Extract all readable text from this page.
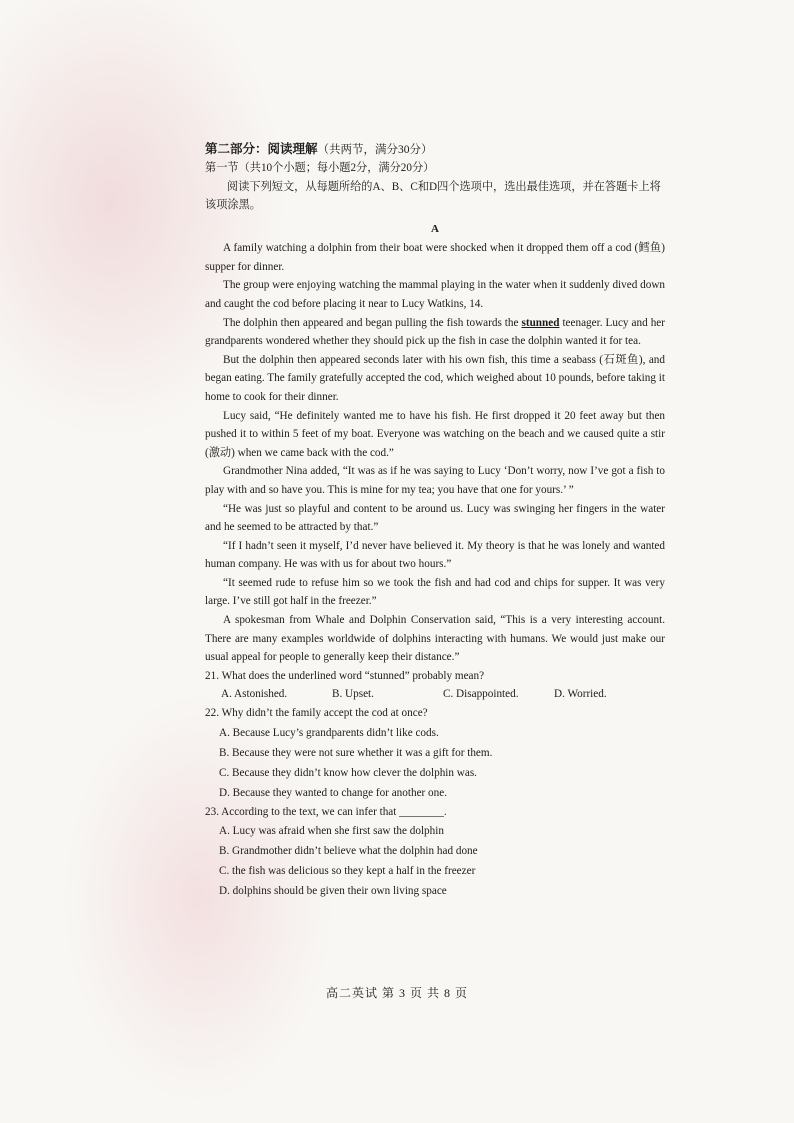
第二部分：阅读理解（共两节，满分30分）

第一节（共10个小题；每小题2分，满分20分）

阅读下列短文，从每题所给的A、B、C和D四个选项中，选出最佳选项，并在答题卡上将该项涂黑。

A

A family watching a dolphin from their boat were shocked when it dropped them off a cod (鳕鱼) supper for dinner.

The group were enjoying watching the mammal playing in the water when it suddenly dived down and caught the cod before placing it near to Lucy Watkins, 14.

The dolphin then appeared and began pulling the fish towards the stunned teenager. Lucy and her grandparents wondered whether they should pick up the fish in case the dolphin wanted it for tea.

But the dolphin then appeared seconds later with his own fish, this time a seabass (石斑鱼), and began eating. The family gratefully accepted the cod, which weighed about 10 pounds, before taking it home to cook for their dinner.

Lucy said, “He definitely wanted me to have his fish. He first dropped it 20 feet away but then pushed it to within 5 feet of my boat. Everyone was watching on the beach and we caused quite a stir (激动) when we came back with the cod.”

Grandmother Nina added, “It was as if he was saying to Lucy ‘Don’t worry, now I’ve got a fish to play with and so have you. This is mine for my tea; you have that one for yours.’ ”

“He was just so playful and content to be around us. Lucy was swinging her fingers in the water and he seemed to be attracted by that.”

“If I hadn’t seen it myself, I’d never have believed it. My theory is that he was lonely and wanted human company. He was with us for about two hours.”

“It seemed rude to refuse him so we took the fish and had cod and chips for supper. It was very large. I’ve still got half in the freezer.”

A spokesman from Whale and Dolphin Conservation said, “This is a very interesting account. There are many examples worldwide of dolphins interacting with humans. We would just make our usual appeal for people to generally keep their distance.”

21. What does the underlined word “stunned” probably mean?

A. Astonished.	B. Upset.	C. Disappointed.	D. Worried.

22. Why didn’t the family accept the cod at once?

A. Because Lucy’s grandparents didn’t like cods.

B. Because they were not sure whether it was a gift for them.

C. Because they didn’t know how clever the dolphin was.

D. Because they wanted to change for another one.

23. According to the text, we can infer that ________.

A. Lucy was afraid when she first saw the dolphin

B. Grandmother didn’t believe what the dolphin had done

C. the fish was delicious so they kept a half in the freezer

D. dolphins should be given their own living space

高二英试 第 3 页 共 8 页
